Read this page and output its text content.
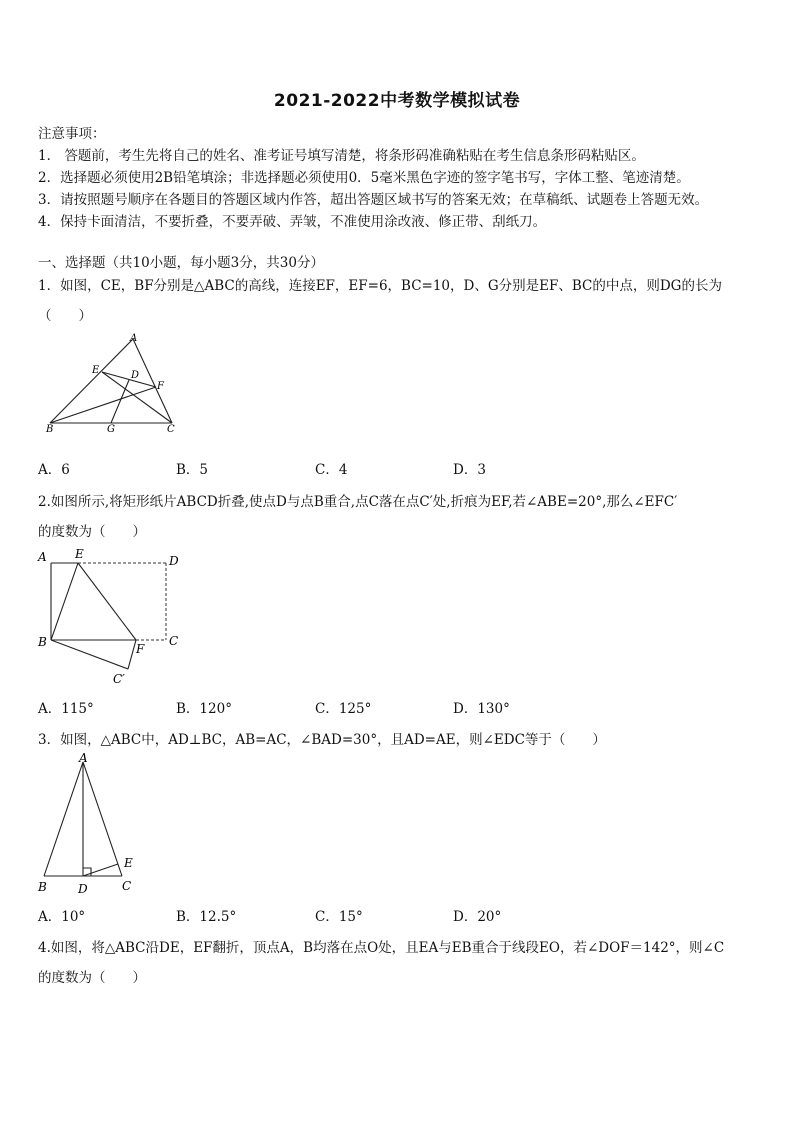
2021-2022中考数学模拟试卷
注意事项：
1． 答题前，考生先将自己的姓名、准考证号填写清楚，将条形码准确粘贴在考生信息条形码粘贴区。
2．选择题必须使用2B铅笔填涂；非选择题必须使用0．5毫米黑色字迹的签字笔书写，字体工整、笔迹清楚。
3．请按照题号顺序在各题目的答题区域内作答，超出答题区域书写的答案无效；在草稿纸、试题卷上答题无效。
4．保持卡面清洁，不要折叠，不要弄破、弄皱，不准使用涂改液、修正带、刮纸刀。
一、选择题（共10小题，每小题3分，共30分）
1．如图，CE，BF分别是△ABC的高线，连接EF，EF=6，BC=10，D、G分别是EF、BC的中点，则DG的长为
（　　）
A
E	D
F
B	G	C
A．6	B．5	C．4	D．3
2.如图所示,将矩形纸片ABCD折叠,使点D与点B重合,点C落在点C′处,折痕为EF,若∠ABE=20°,那么∠EFC′
的度数为（　　）
A E	D
B	F
C
C′
A．115°	B．120°	C．125°	D．130°
3．如图，△ABC中，AD⊥BC，AB=AC，∠BAD=30°，且AD=AE，则∠EDC等于（　　）
A
B	D	C
E
A．10°	B．12.5°	C．15°	D．20°
4.如图，将△ABC沿DE，EF翻折，顶点A，B均落在点O处，且EA与EB重合于线段EO，若∠DOF＝142°，则∠C
的度数为（　　）
